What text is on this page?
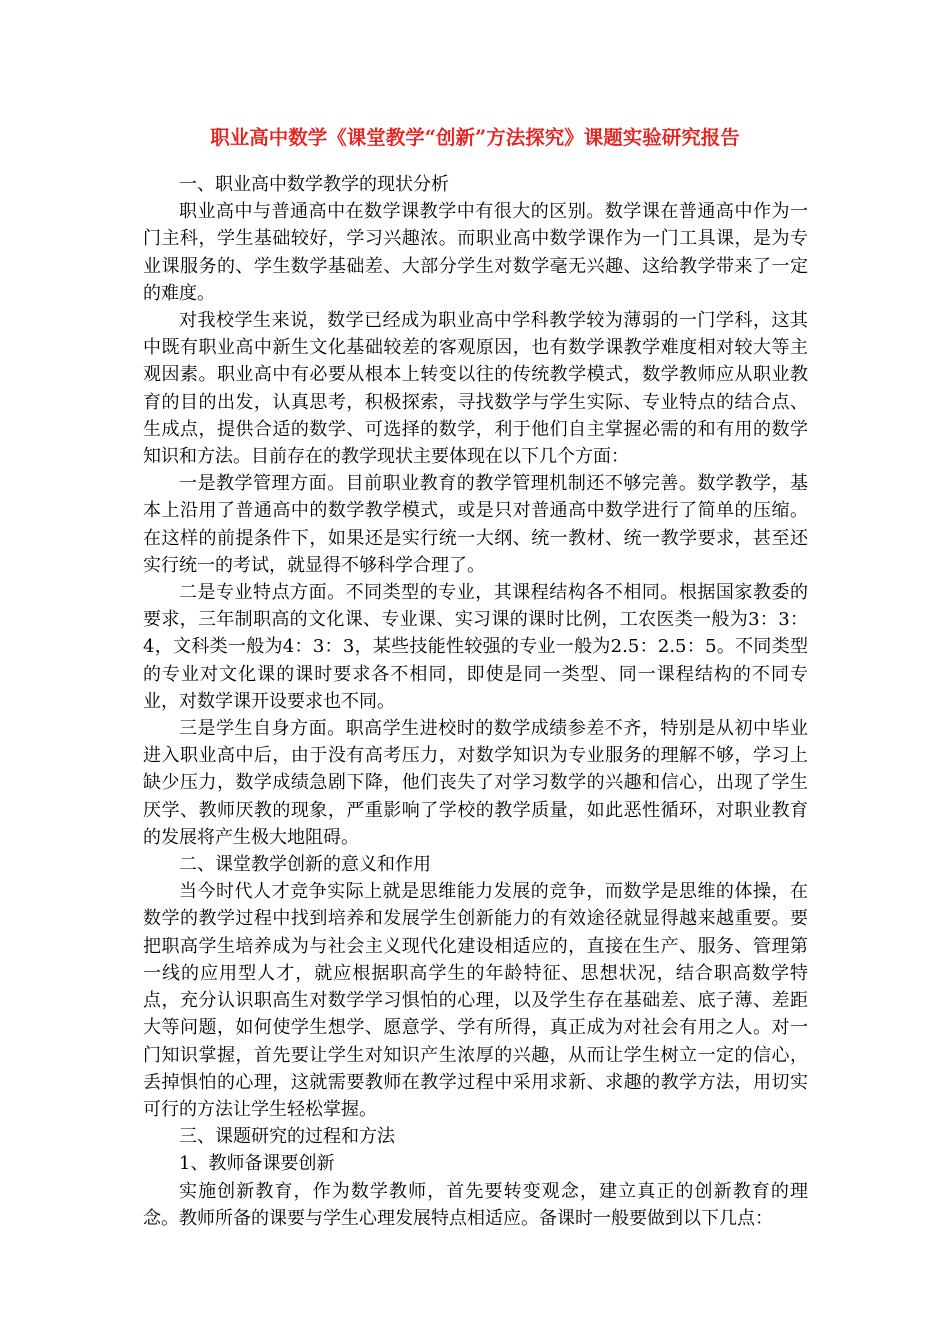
职业高中数学《课堂教学“创新”方法探究》课题实验研究报告

一、职业高中数学教学的现状分析

职业高中与普通高中在数学课教学中有很大的区别。数学课在普通高中作为一门主科，学生基础较好，学习兴趣浓。而职业高中数学课作为一门工具课，是为专业课服务的、学生数学基础差、大部分学生对数学毫无兴趣、这给教学带来了一定的难度。

对我校学生来说，数学已经成为职业高中学科教学较为薄弱的一门学科，这其中既有职业高中新生文化基础较差的客观原因，也有数学课教学难度相对较大等主观因素。职业高中有必要从根本上转变以往的传统教学模式，数学教师应从职业教育的目的出发，认真思考，积极探索，寻找数学与学生实际、专业特点的结合点、生成点，提供合适的数学、可选择的数学，利于他们自主掌握必需的和有用的数学知识和方法。目前存在的教学现状主要体现在以下几个方面：

一是教学管理方面。目前职业教育的教学管理机制还不够完善。数学教学，基本上沿用了普通高中的数学教学模式，或是只对普通高中数学进行了简单的压缩。在这样的前提条件下，如果还是实行统一大纲、统一教材、统一教学要求，甚至还实行统一的考试，就显得不够科学合理了。

二是专业特点方面。不同类型的专业，其课程结构各不相同。根据国家教委的要求，三年制职高的文化课、专业课、实习课的课时比例，工农医类一般为3：3：4，文科类一般为4：3：3，某些技能性较强的专业一般为2.5：2.5：5。不同类型的专业对文化课的课时要求各不相同，即使是同一类型、同一课程结构的不同专业，对数学课开设要求也不同。

三是学生自身方面。职高学生进校时的数学成绩参差不齐，特别是从初中毕业进入职业高中后，由于没有高考压力，对数学知识为专业服务的理解不够，学习上缺少压力，数学成绩急剧下降，他们丧失了对学习数学的兴趣和信心，出现了学生厌学、教师厌教的现象，严重影响了学校的教学质量，如此恶性循环，对职业教育的发展将产生极大地阻碍。

二、课堂教学创新的意义和作用

当今时代人才竞争实际上就是思维能力发展的竞争，而数学是思维的体操，在数学的教学过程中找到培养和发展学生创新能力的有效途径就显得越来越重要。要把职高学生培养成为与社会主义现代化建设相适应的，直接在生产、服务、管理第一线的应用型人才，就应根据职高学生的年龄特征、思想状况，结合职高数学特点，充分认识职高生对数学学习惧怕的心理，以及学生存在基础差、底子薄、差距大等问题，如何使学生想学、愿意学、学有所得，真正成为对社会有用之人。对一门知识掌握，首先要让学生对知识产生浓厚的兴趣，从而让学生树立一定的信心，丢掉惧怕的心理，这就需要教师在教学过程中采用求新、求趣的教学方法，用切实可行的方法让学生轻松掌握。

三、课题研究的过程和方法

1、教师备课要创新

实施创新教育，作为数学教师，首先要转变观念，建立真正的创新教育的理念。教师所备的课要与学生心理发展特点相适应。备课时一般要做到以下几点：
